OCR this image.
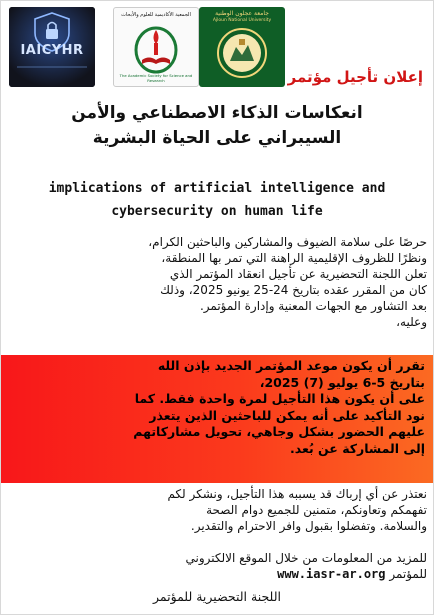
IAICYHR
الجمعية الأكاديمية للعلوم والأبحاث
The Academic Society for Science and Research
جامعة عجلون الوطنية
Ajloun National University
إعلان تأجيل مؤتمر
انعكاسات الذكاء الاصطناعي والأمن
السيبراني على الحياة البشرية
implications of artificial intelligence and
cybersecurity on human life
حرصًا على سلامة الضيوف والمشاركين والباحثين الكرام،
ونظرًا للظروف الإقليمية الراهنة التي تمر بها المنطقة،
تعلن اللجنة التحضيرية عن تأجيل انعقاد المؤتمر الذي
كان من المقرر عقده بتاريخ 24-25 يونيو 2025، وذلك
بعد التشاور مع الجهات المعنية وإدارة المؤتمر.
وعليه،
تقرر أن يكون موعد المؤتمر الجديد بإذن الله
بتاريخ 5-6 يوليو (7) 2025،
على أن يكون هذا التأجيل لمرة واحدة فقط. كما
نود التأكيد على أنه يمكن للباحثين الذين يتعذر
عليهم الحضور بشكل وجاهي، تحويل مشاركاتهم
إلى المشاركة عن بُعد.
نعتذر عن أي إرباك قد يسببه هذا التأجيل، ونشكر لكم
تفهمكم وتعاونكم، متمنين للجميع دوام الصحة
والسلامة. وتفضلوا بقبول وافر الاحترام والتقدير.
للمزيد من المعلومات من خلال الموقع الالكتروني
للمؤتمر www.iasr-ar.org
اللجنة التحضيرية للمؤتمر
